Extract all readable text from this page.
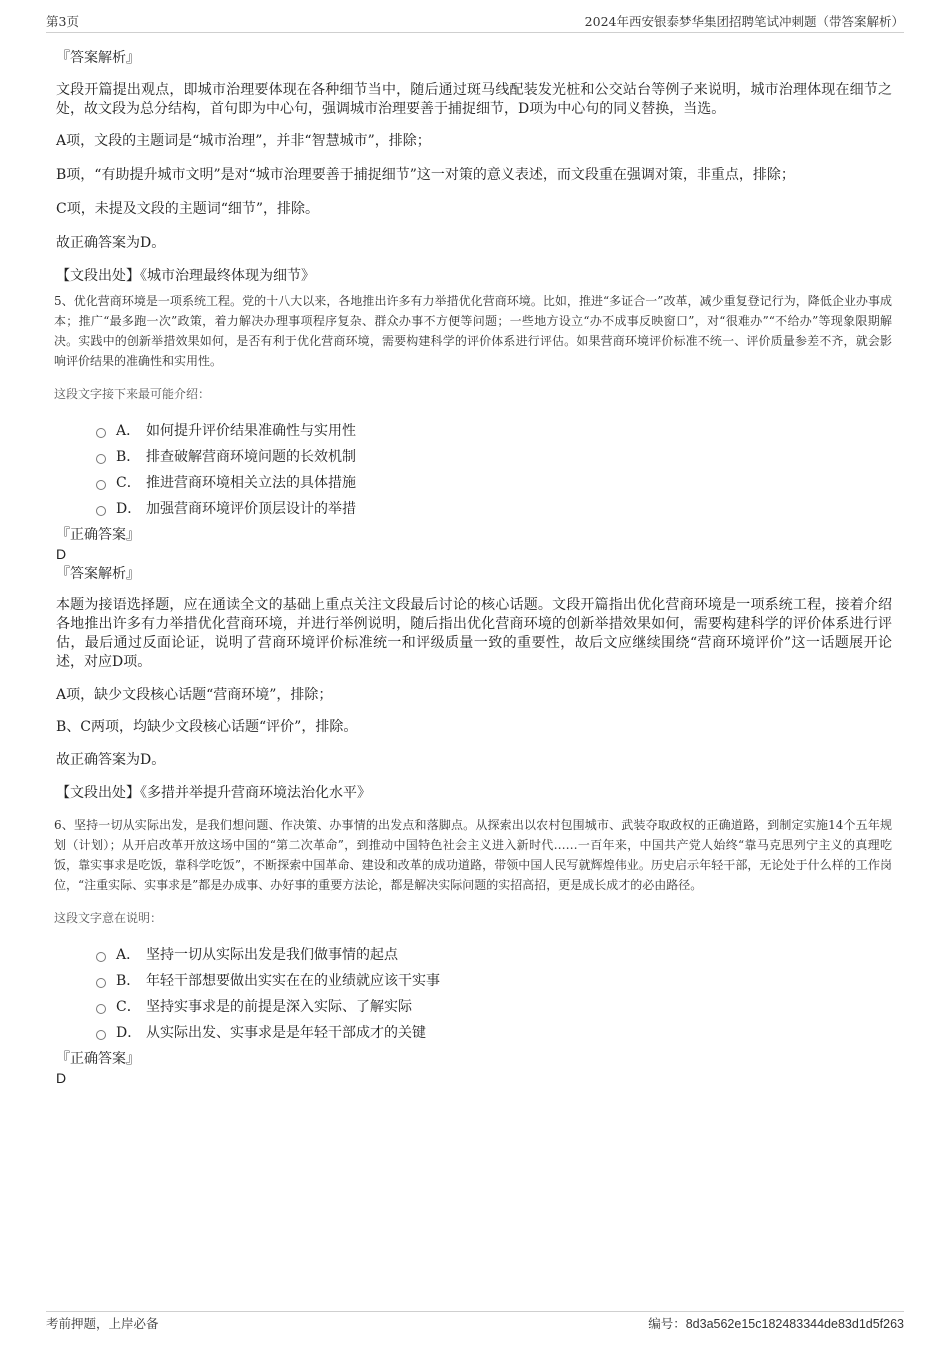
第3页	2024年西安银泰梦华集团招聘笔试冲刺题（带答案解析）
『答案解析』
文段开篇提出观点，即城市治理要体现在各种细节当中，随后通过斑马线配装发光桩和公交站台等例子来说明，城市治理体现在细节之处，故文段为总分结构，首句即为中心句，强调城市治理要善于捕捉细节，D项为中心句的同义替换，当选。
A项，文段的主题词是“城市治理”，并非“智慧城市”，排除；
B项，“有助提升城市文明”是对“城市治理要善于捕捉细节”这一对策的意义表述，而文段重在强调对策，非重点，排除；
C项，未提及文段的主题词“细节”，排除。
故正确答案为D。
【文段出处】《城市治理最终体现为细节》
5、优化营商环境是一项系统工程。党的十八大以来，各地推出许多有力举措优化营商环境。比如，推进“多证合一”改革，减少重复登记行为，降低企业办事成本；推广“最多跑一次”政策，着力解决办理事项程序复杂、群众办事不方便等问题；一些地方设立“办不成事反映窗口”，对“很难办”“不给办”等现象限期解决。实践中的创新举措效果如何，是否有利于优化营商环境，需要构建科学的评价体系进行评估。如果营商环境评价标准不统一、评价质量参差不齐，就会影响评价结果的准确性和实用性。
这段文字接下来最可能介绍：
A． 如何提升评价结果准确性与实用性
B． 排查破解营商环境问题的长效机制
C． 推进营商环境相关立法的具体措施
D． 加强营商环境评价顶层设计的举措
『正确答案』
D
『答案解析』
本题为接语选择题，应在通读全文的基础上重点关注文段最后讨论的核心话题。文段开篇指出优化营商环境是一项系统工程，接着介绍各地推出许多有力举措优化营商环境，并进行举例说明，随后指出优化营商环境的创新举措效果如何，需要构建科学的评价体系进行评估，最后通过反面论证，说明了营商环境评价标准统一和评级质量一致的重要性，故后文应继续围绕“营商环境评价”这一话题展开论述，对应D项。
A项，缺少文段核心话题“营商环境”，排除；
B、C两项，均缺少文段核心话题“评价”，排除。
故正确答案为D。
【文段出处】《多措并举提升营商环境法治化水平》
6、坚持一切从实际出发，是我们想问题、作决策、办事情的出发点和落脚点。从探索出以农村包围城市、武装夺取政权的正确道路，到制定实施14个五年规划（计划）；从开启改革开放这场中国的“第二次革命”，到推动中国特色社会主义进入新时代……一百年来，中国共产党人始终“靠马克思列宁主义的真理吃饭，靠实事求是吃饭，靠科学吃饭”，不断探索中国革命、建设和改革的成功道路，带领中国人民写就辉煌伟业。历史启示年轻干部，无论处于什么样的工作岗位，“注重实际、实事求是”都是办成事、办好事的重要方法论，都是解决实际问题的实招高招，更是成长成才的必由路径。
这段文字意在说明：
A． 坚持一切从实际出发是我们做事情的起点
B． 年轻干部想要做出实实在在的业绩就应该干实事
C． 坚持实事求是的前提是深入实际、了解实际
D． 从实际出发、实事求是是年轻干部成才的关键
『正确答案』
D
考前押题，上岸必备	编号：8d3a562e15c182483344de83d1d5f263
